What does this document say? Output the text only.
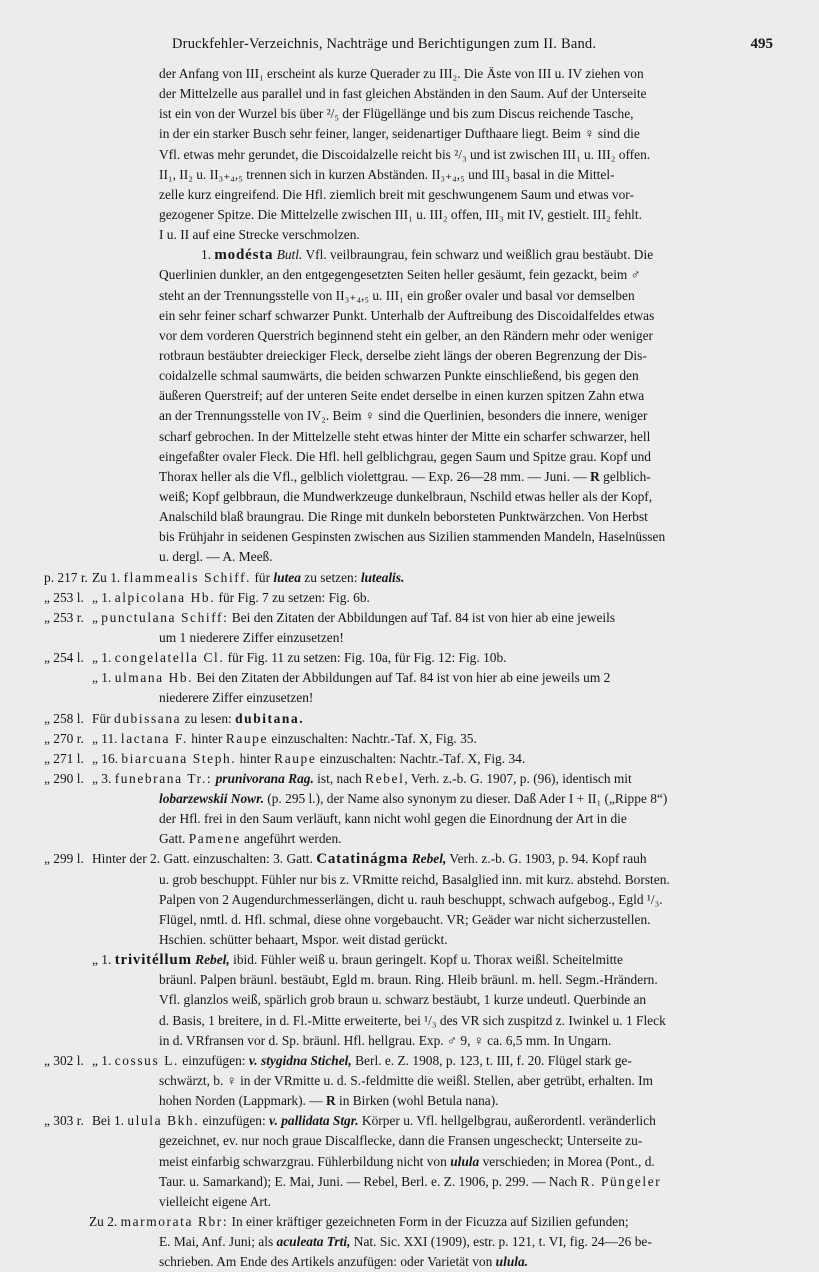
Druckfehler-Verzeichnis, Nachträge und Berichtigungen zum II. Band.	495
der Anfang von III₁ erscheint als kurze Querader zu III₂. Die Äste von III u. IV ziehen von
der Mittelzelle aus parallel und in fast gleichen Abständen in den Saum. Auf der Unterseite
ist ein von der Wurzel bis über ²/₅ der Flügellänge und bis zum Discus reichende Tasche,
in der ein starker Busch sehr feiner, langer, seidenartiger Dufthaare liegt. Beim ♀ sind die
Vfl. etwas mehr gerundet, die Discoidalzelle reicht bis ²/₃ und ist zwischen III₁ u. III₂ offen.
II₁, II₂ u. II₃₊₄,₅ trennen sich in kurzen Abständen. II₃₊₄,₅ und III₃ basal in die Mittel-
zelle kurz eingreifend. Die Hfl. ziemlich breit mit geschwungenem Saum und etwas vor-
gezogener Spitze. Die Mittelzelle zwischen III₁ u. III₂ offen, III₃ mit IV, gestielt. III₂ fehlt.
I u. II auf eine Strecke verschmolzen.
1. modésta Butl. Vfl. veilbraungrau, fein schwarz und weißlich grau bestäubt. Die
Querlinien dunkler, an den entgegengesetzten Seiten heller gesäumt, fein gezackt, beim ♂
steht an der Trennungsstelle von II₃₊₄,₅ u. III₁ ein großer ovaler und basal vor demselben
ein sehr feiner scharf schwarzer Punkt. Unterhalb der Auftreibung des Discoidalfeldes etwas
vor dem vorderen Querstrich beginnend steht ein gelber, an den Rändern mehr oder weniger
rotbraun bestäubter dreieckiger Fleck, derselbe zieht längs der oberen Begrenzung der Dis-
coidalzelle schmal saumwärts, die beiden schwarzen Punkte einschließend, bis gegen den
äußeren Querstreif; auf der unteren Seite endet derselbe in einen kurzen spitzen Zahn etwa
an der Trennungsstelle von IV₂. Beim ♀ sind die Querlinien, besonders die innere, weniger
scharf gebrochen. In der Mittelzelle steht etwas hinter der Mitte ein scharfer schwarzer, hell
eingefaßter ovaler Fleck. Die Hfl. hell gelblichgrau, gegen Saum und Spitze grau. Kopf und
Thorax heller als die Vfl., gelblich violettgrau. — Exp. 26—28 mm. — Juni. — R gelblich-
weiß; Kopf gelbbraun, die Mundwerkzeuge dunkelbraun, Nschild etwas heller als der Kopf,
Analschild blaß braungrau. Die Ringe mit dunkeln beborsteten Punktwärzchen. Von Herbst
bis Frühjahr in seidenen Gespinsten zwischen aus Sizilien stammenden Mandeln, Haselnüssen
u. dergl. — A. Meeß.
p. 217 r. Zu 1. flammealis Schiff. für lutea zu setzen: lutealis.
„ 253 l. „ 1. alpicolana Hb. für Fig. 7 zu setzen: Fig. 6b.
„ 253 r. „ punctulana Schiff: Bei den Zitaten der Abbildungen auf Taf. 84 ist von hier ab eine jeweils
um 1 niederere Ziffer einzusetzen!
„ 254 l. „ 1. congelatella Cl. für Fig. 11 zu setzen: Fig. 10a, für Fig. 12: Fig. 10b.
„ 1. ulmana Hb. Bei den Zitaten der Abbildungen auf Taf. 84 ist von hier ab eine jeweils um 2
niederere Ziffer einzusetzen!
„ 258 l. Für dubissana zu lesen: dubitana.
„ 270 r. „ 11. lactana F. hinter Raupe einzuschalten: Nachtr.-Taf. X, Fig. 35.
„ 271 l. „ 16. biarcuana Steph. hinter Raupe einzuschalten: Nachtr.-Taf. X, Fig. 34.
„ 290 l. „ 3. funebrana Tr.: prunivorana Rag. ist, nach Rebel, Verh. z.-b. G. 1907, p. (96), identisch mit
lobarzewskii Nowr. (p. 295 l.), der Name also synonym zu dieser. Daß Ader I + II₁ („Rippe 8“)
der Hfl. frei in den Saum verläuft, kann nicht wohl gegen die Einordnung der Art in die
Gatt. Pamene angeführt werden.
„ 299 l. Hinter der 2. Gatt. einzuschalten: 3. Gatt. Catatinágma Rebel, Verh. z.-b. G. 1903, p. 94. Kopf rauh
u. grob beschuppt. Fühler nur bis z. VRmitte reichd, Basalglied inn. mit kurz. abstehd. Borsten.
Palpen von 2 Augendurchmesserlängen, dicht u. rauh beschuppt, schwach aufgebog., Egld ¹/₃.
Flügel, nmtl. d. Hfl. schmal, diese ohne vorgebaucht. VR; Geäder war nicht sicherzustellen.
Hschien. schütter behaart, Mspor. weit distad gerückt.
„ 1. trivitéllum Rebel, ibid. Fühler weiß u. braun geringelt. Kopf u. Thorax weißl. Scheitelmitte
bräunl. Palpen bräunl. bestäubt, Egld m. braun. Ring. Hleib bräunl. m. hell. Segm.-Hrändern.
Vfl. glanzlos weiß, spärlich grob braun u. schwarz bestäubt, 1 kurze undeutl. Querbinde an
d. Basis, 1 breitere, in d. Fl.-Mitte erweiterte, bei ¹/₃ des VR sich zuspitzd z. Iwinkel u. 1 Fleck
in d. VRfransen vor d. Sp. bräunl. Hfl. hellgrau. Exp. ♂ 9, ♀ ca. 6,5 mm. In Ungarn.
„ 302 l. „ 1. cossus L. einzufügen: v. stygidna Stichel, Berl. e. Z. 1908, p. 123, t. III, f. 20. Flügel stark ge-
schwärzt, b. ♀ in der VRmitte u. d. S.-feldmitte die weißl. Stellen, aber getrübt, erhalten. Im
hohen Norden (Lappmark). — R in Birken (wohl Betula nana).
„ 303 r. Bei 1. ulula Bkh. einzufügen: v. pallidata Stgr. Körper u. Vfl. hellgelbgrau, außerordentl. veränderlich
gezeichnet, ev. nur noch graue Discalflecke, dann die Fransen ungescheckt; Unterseite zu-
meist einfarbig schwarzgrau. Fühlerbildung nicht von ulula verschieden; in Morea (Pont., d.
Taur. u. Samarkand); E. Mai, Juni. — Rebel, Berl. e. Z. 1906, p. 299. — Nach R. Püngeler
vielleicht eigene Art.
Zu 2. marmorata Rbr: In einer kräftiger gezeichneten Form in der Ficuzza auf Sizilien gefunden;
E. Mai, Anf. Juni; als aculeata Trti, Nat. Sic. XXI (1909), estr. p. 121, t. VI, fig. 24—26 be-
schrieben. Am Ende des Artikels anzufügen: oder Varietät von ulula.
